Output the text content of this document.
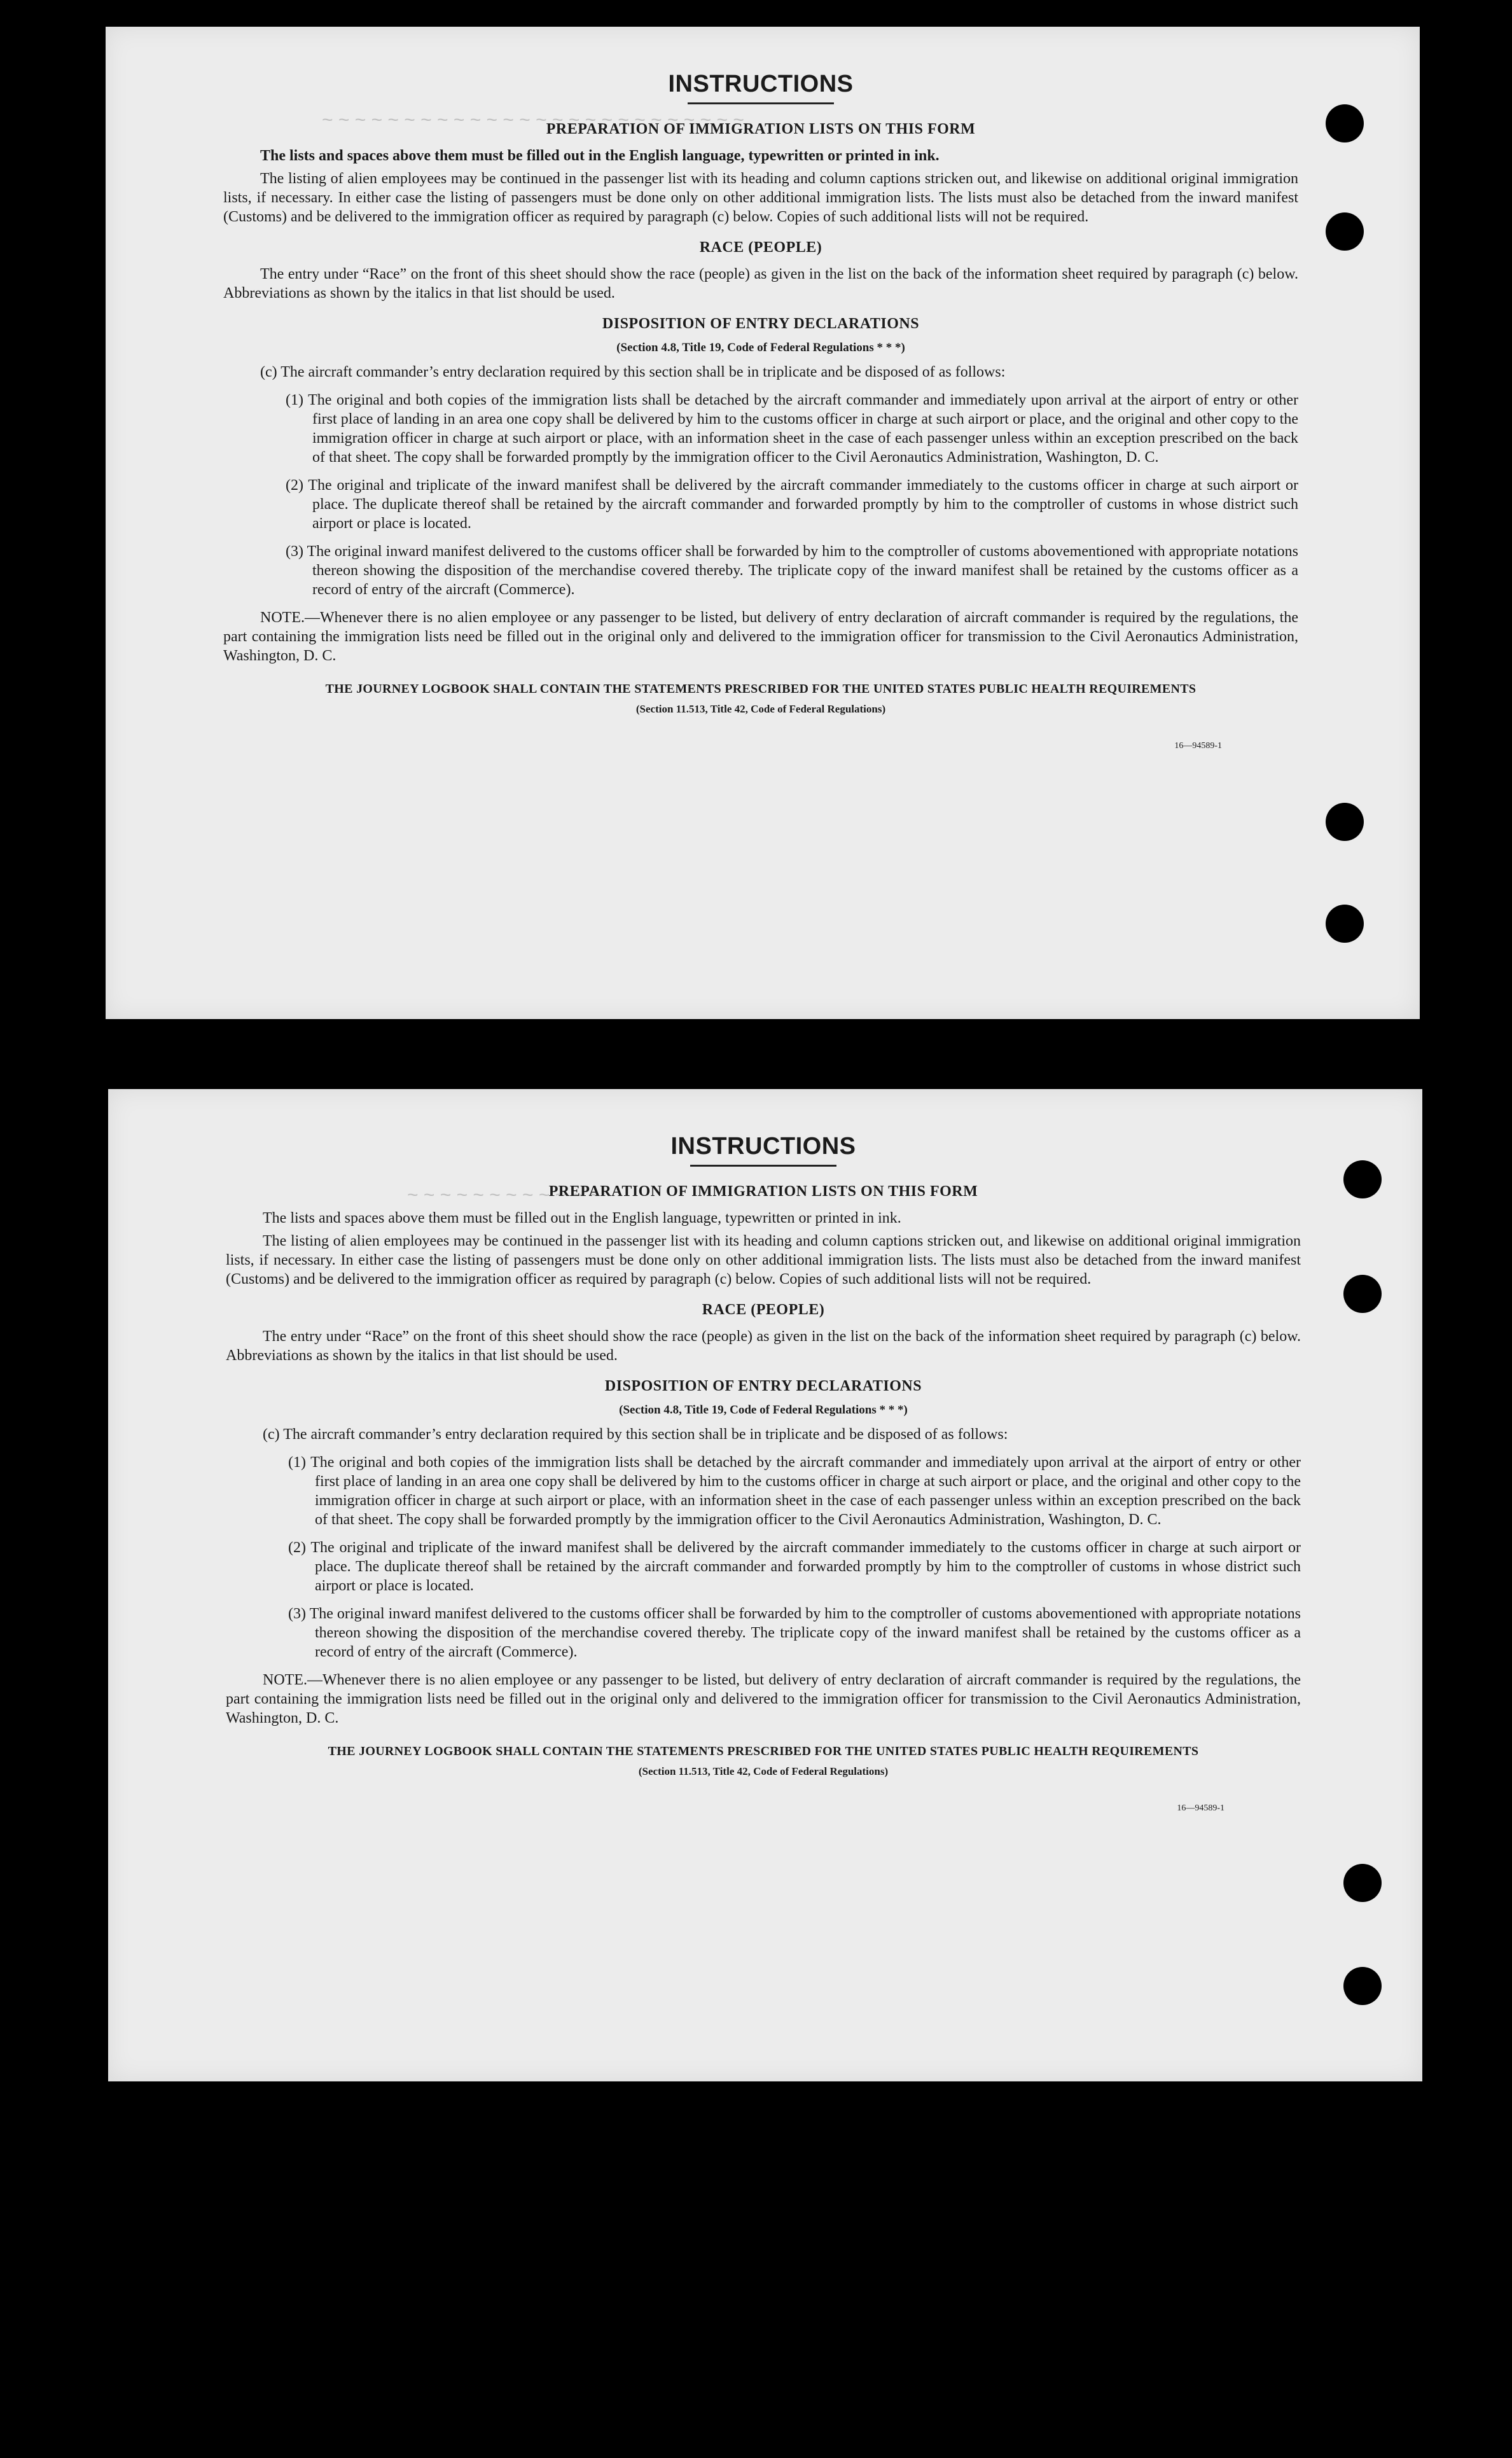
~ ~ ~ ~ ~ ~ ~ ~ ~ ~ ~ ~ ~ ~ ~ ~ ~ ~ ~ ~ ~ ~ ~ ~ ~ ~
INSTRUCTIONS
PREPARATION OF IMMIGRATION LISTS ON THIS FORM

The lists and spaces above them must be filled out in the English language, typewritten or printed in ink.

The listing of alien employees may be continued in the passenger list with its heading and column captions stricken out, and likewise on additional original immigration lists, if necessary. In either case the listing of passengers must be done only on other additional immigration lists. The lists must also be detached from the inward manifest (Customs) and be delivered to the immigration officer as required by paragraph (c) below. Copies of such additional lists will not be required.

RACE (PEOPLE)

The entry under “Race” on the front of this sheet should show the race (people) as given in the list on the back of the information sheet required by paragraph (c) below. Abbreviations as shown by the italics in that list should be used.

DISPOSITION OF ENTRY DECLARATIONS
(Section 4.8, Title 19, Code of Federal Regulations * * *)

(c) The aircraft commander’s entry declaration required by this section shall be in triplicate and be disposed of as follows:

(1) The original and both copies of the immigration lists shall be detached by the aircraft commander and immediately upon arrival at the airport of entry or other first place of landing in an area one copy shall be delivered by him to the customs officer in charge at such airport or place, and the original and other copy to the immigration officer in charge at such airport or place, with an information sheet in the case of each passenger unless within an exception prescribed on the back of that sheet. The copy shall be forwarded promptly by the immigration officer to the Civil Aeronautics Administration, Washington, D. C.
(2) The original and triplicate of the inward manifest shall be delivered by the aircraft commander immediately to the customs officer in charge at such airport or place. The duplicate thereof shall be retained by the aircraft commander and forwarded promptly by him to the comptroller of customs in whose district such airport or place is located.
(3) The original inward manifest delivered to the customs officer shall be forwarded by him to the comptroller of customs abovementioned with appropriate notations thereon showing the disposition of the merchandise covered thereby. The triplicate copy of the inward manifest shall be retained by the customs officer as a record of entry of the aircraft (Commerce).

NOTE.—Whenever there is no alien employee or any passenger to be listed, but delivery of entry declaration of aircraft commander is required by the regulations, the part containing the immigration lists need be filled out in the original only and delivered to the immigration officer for transmission to the Civil Aeronautics Administration, Washington, D. C.

THE JOURNEY LOGBOOK SHALL CONTAIN THE STATEMENTS PRESCRIBED FOR THE UNITED STATES PUBLIC HEALTH REQUIREMENTS
(Section 11.513, Title 42, Code of Federal Regulations)
16—94589-1
~ ~ ~ ~ ~ ~ ~ ~ ~ ~ ~ ~
INSTRUCTIONS
PREPARATION OF IMMIGRATION LISTS ON THIS FORM

The lists and spaces above them must be filled out in the English language, typewritten or printed in ink.

The listing of alien employees may be continued in the passenger list with its heading and column captions stricken out, and likewise on additional original immigration lists, if necessary. In either case the listing of passengers must be done only on other additional immigration lists. The lists must also be detached from the inward manifest (Customs) and be delivered to the immigration officer as required by paragraph (c) below. Copies of such additional lists will not be required.

RACE (PEOPLE)

The entry under “Race” on the front of this sheet should show the race (people) as given in the list on the back of the information sheet required by paragraph (c) below. Abbreviations as shown by the italics in that list should be used.

DISPOSITION OF ENTRY DECLARATIONS
(Section 4.8, Title 19, Code of Federal Regulations * * *)

(c) The aircraft commander’s entry declaration required by this section shall be in triplicate and be disposed of as follows:

(1) The original and both copies of the immigration lists shall be detached by the aircraft commander and immediately upon arrival at the airport of entry or other first place of landing in an area one copy shall be delivered by him to the customs officer in charge at such airport or place, and the original and other copy to the immigration officer in charge at such airport or place, with an information sheet in the case of each passenger unless within an exception prescribed on the back of that sheet. The copy shall be forwarded promptly by the immigration officer to the Civil Aeronautics Administration, Washington, D. C.
(2) The original and triplicate of the inward manifest shall be delivered by the aircraft commander immediately to the customs officer in charge at such airport or place. The duplicate thereof shall be retained by the aircraft commander and forwarded promptly by him to the comptroller of customs in whose district such airport or place is located.
(3) The original inward manifest delivered to the customs officer shall be forwarded by him to the comptroller of customs abovementioned with appropriate notations thereon showing the disposition of the merchandise covered thereby. The triplicate copy of the inward manifest shall be retained by the customs officer as a record of entry of the aircraft (Commerce).

NOTE.—Whenever there is no alien employee or any passenger to be listed, but delivery of entry declaration of aircraft commander is required by the regulations, the part containing the immigration lists need be filled out in the original only and delivered to the immigration officer for transmission to the Civil Aeronautics Administration, Washington, D. C.

THE JOURNEY LOGBOOK SHALL CONTAIN THE STATEMENTS PRESCRIBED FOR THE UNITED STATES PUBLIC HEALTH REQUIREMENTS
(Section 11.513, Title 42, Code of Federal Regulations)
16—94589-1
